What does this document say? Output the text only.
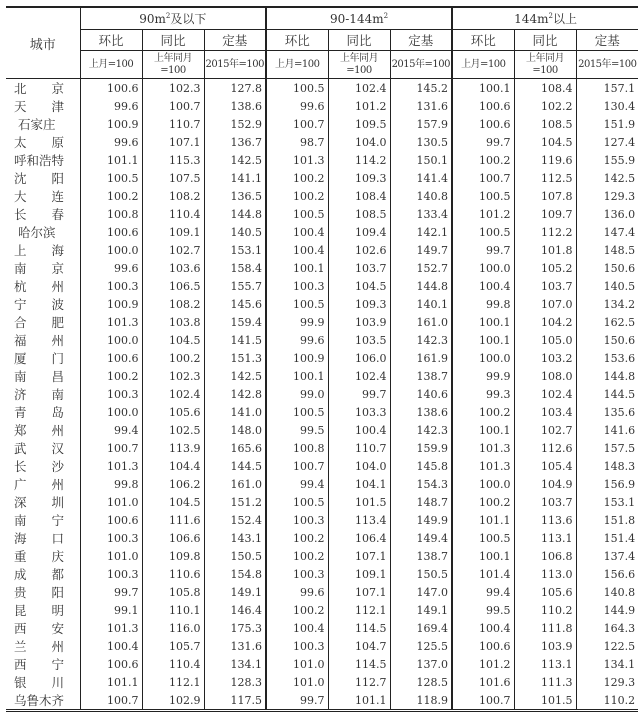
城市	$90m^2$及以下			$90-144m^2$			$144m^2$以上		
	环比	同比	定基	环比	同比	定基	环比	同比	定基
	上月=100	上年同月=100	2015年=100	上月=100	上年同月=100	2015年=100	上月=100	上年同月=100	2015年=100
北　　京	100.6	102.3	127.8	100.5	102.4	145.2	100.1	108.4	157.1
天　　津	99.6	100.7	138.6	99.6	101.2	131.6	100.6	102.2	130.4
石家庄	100.9	110.7	152.9	100.7	109.5	157.9	100.6	108.5	151.9
太　　原	99.6	107.1	136.7	98.7	104.0	130.5	99.7	104.5	127.4
呼和浩特	101.1	115.3	142.5	101.3	114.2	150.1	100.2	119.6	155.9
沈　　阳	100.5	107.5	141.1	100.2	109.3	141.4	100.7	112.5	142.5
大　　连	100.2	108.2	136.5	100.2	108.4	140.8	100.5	107.8	129.3
长　　春	100.8	110.4	144.8	100.5	108.5	133.4	101.2	109.7	136.0
哈尔滨	100.6	109.1	140.5	100.4	109.4	142.1	100.5	112.2	147.4
上　　海	100.0	102.7	153.1	100.4	102.6	149.7	99.7	101.8	148.5
南　　京	99.6	103.6	158.4	100.1	103.7	152.7	100.0	105.2	150.6
杭　　州	100.3	106.5	155.7	100.3	104.5	144.8	100.4	103.7	140.5
宁　　波	100.9	108.2	145.6	100.5	109.3	140.1	99.8	107.0	134.2
合　　肥	101.3	103.8	159.4	99.9	103.9	161.0	100.1	104.2	162.5
福　　州	100.0	104.5	141.5	99.6	103.5	142.3	100.1	105.0	150.6
厦　　门	100.6	100.2	151.3	100.9	106.0	161.9	100.0	103.2	153.6
南　　昌	100.2	102.3	142.5	100.1	102.4	138.7	99.9	108.0	144.8
济　　南	100.3	102.4	142.8	99.0	99.7	140.6	99.3	102.4	144.5
青　　岛	100.0	105.6	141.0	100.5	103.3	138.6	100.2	103.4	135.6
郑　　州	99.4	102.5	148.0	99.5	100.4	142.3	100.1	102.7	141.6
武　　汉	100.7	113.9	165.6	100.8	110.7	159.9	101.3	112.6	157.5
长　　沙	101.3	104.4	144.5	100.7	104.0	145.8	101.3	105.4	148.3
广　　州	99.8	106.2	161.0	99.4	104.1	154.3	100.0	104.9	156.9
深　　圳	101.0	104.5	151.2	100.5	101.5	148.7	100.2	103.7	153.1
南　　宁	100.6	111.6	152.4	100.3	113.4	149.9	101.1	113.6	151.8
海　　口	100.3	106.6	143.1	100.2	106.4	149.4	100.5	113.1	151.4
重　　庆	101.0	109.8	150.5	100.2	107.1	138.7	100.1	106.8	137.4
成　　都	100.3	110.6	154.8	100.3	109.1	150.5	101.4	113.0	156.6
贵　　阳	99.7	105.8	149.1	99.6	107.1	147.0	99.4	105.6	140.8
昆　　明	99.1	110.1	146.4	100.2	112.1	149.1	99.5	110.2	144.9
西　　安	101.3	116.0	175.3	100.4	114.5	169.4	100.4	111.8	164.3
兰　　州	100.4	105.7	131.6	100.3	104.7	125.5	100.6	103.9	122.5
西　　宁	100.6	110.4	134.1	101.0	114.5	137.0	101.2	113.1	134.1
银　　川	101.1	112.1	128.3	101.0	112.7	128.5	101.6	111.3	129.3
乌鲁木齐	100.7	102.9	117.5	99.7	101.1	118.9	100.7	101.5	110.2
